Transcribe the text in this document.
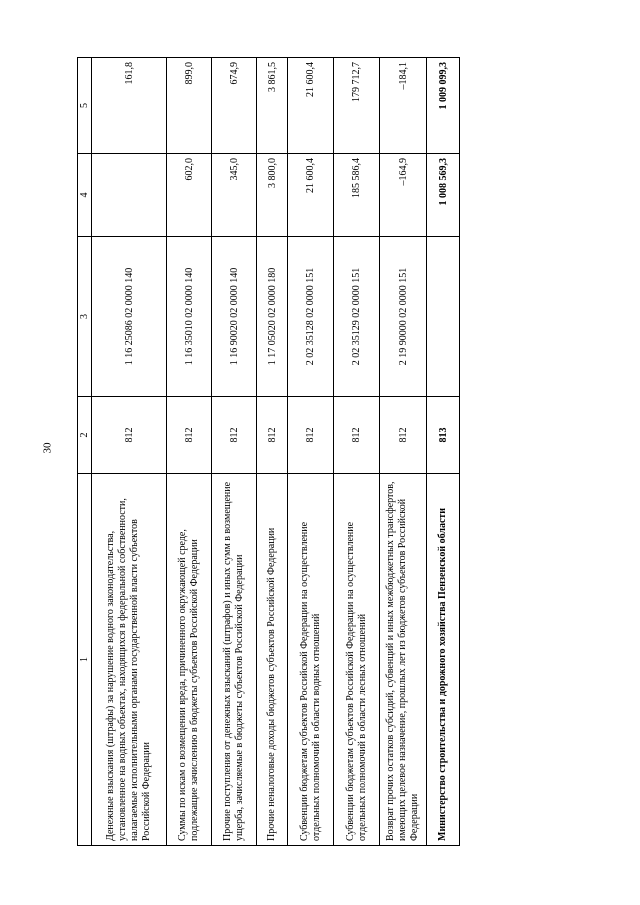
30
1	2	3	4	5
Денежные взыскания (штрафы) за нарушение водного законодательства, установленное на водных объектах, находящихся в федеральной собственности, налагаемые исполнительными органами государственной власти субъектов Российской Федерации	812	1 16 25086 02 0000 140		161,8
Суммы по искам о возмещении вреда, причиненного окружающей среде, подлежащие зачислению в бюджеты субъектов Российской Федерации	812	1 16 35010 02 0000 140	602,0	899,0
Прочие поступления от денежных взысканий (штрафов) и иных сумм в возмещение ущерба, зачисляемые в бюджеты субъектов Российской Федерации	812	1 16 90020 02 0000 140	345,0	674,9
Прочие неналоговые доходы бюджетов субъектов Российской Федерации	812	1 17 05020 02 0000 180	3 800,0	3 861,5
Субвенции бюджетам субъектов Российской Федерации на осуществление отдельных полномочий в области водных отношений	812	2 02 35128 02 0000 151	21 600,4	21 600,4
Субвенции бюджетам субъектов Российской Федерации на осуществление отдельных полномочий в области лесных отношений	812	2 02 35129 02 0000 151	185 586,4	179 712,7
Возврат прочих остатков субсидий, субвенций и иных межбюджетных трансфертов, имеющих целевое назначение, прошлых лет из бюджетов субъектов Российской Федерации	812	2 19 90000 02 0000 151	–164,9	–184,1
Министерство строительства и дорожного хозяйства Пензенской области	813		1 008 569,3	1 009 099,3
